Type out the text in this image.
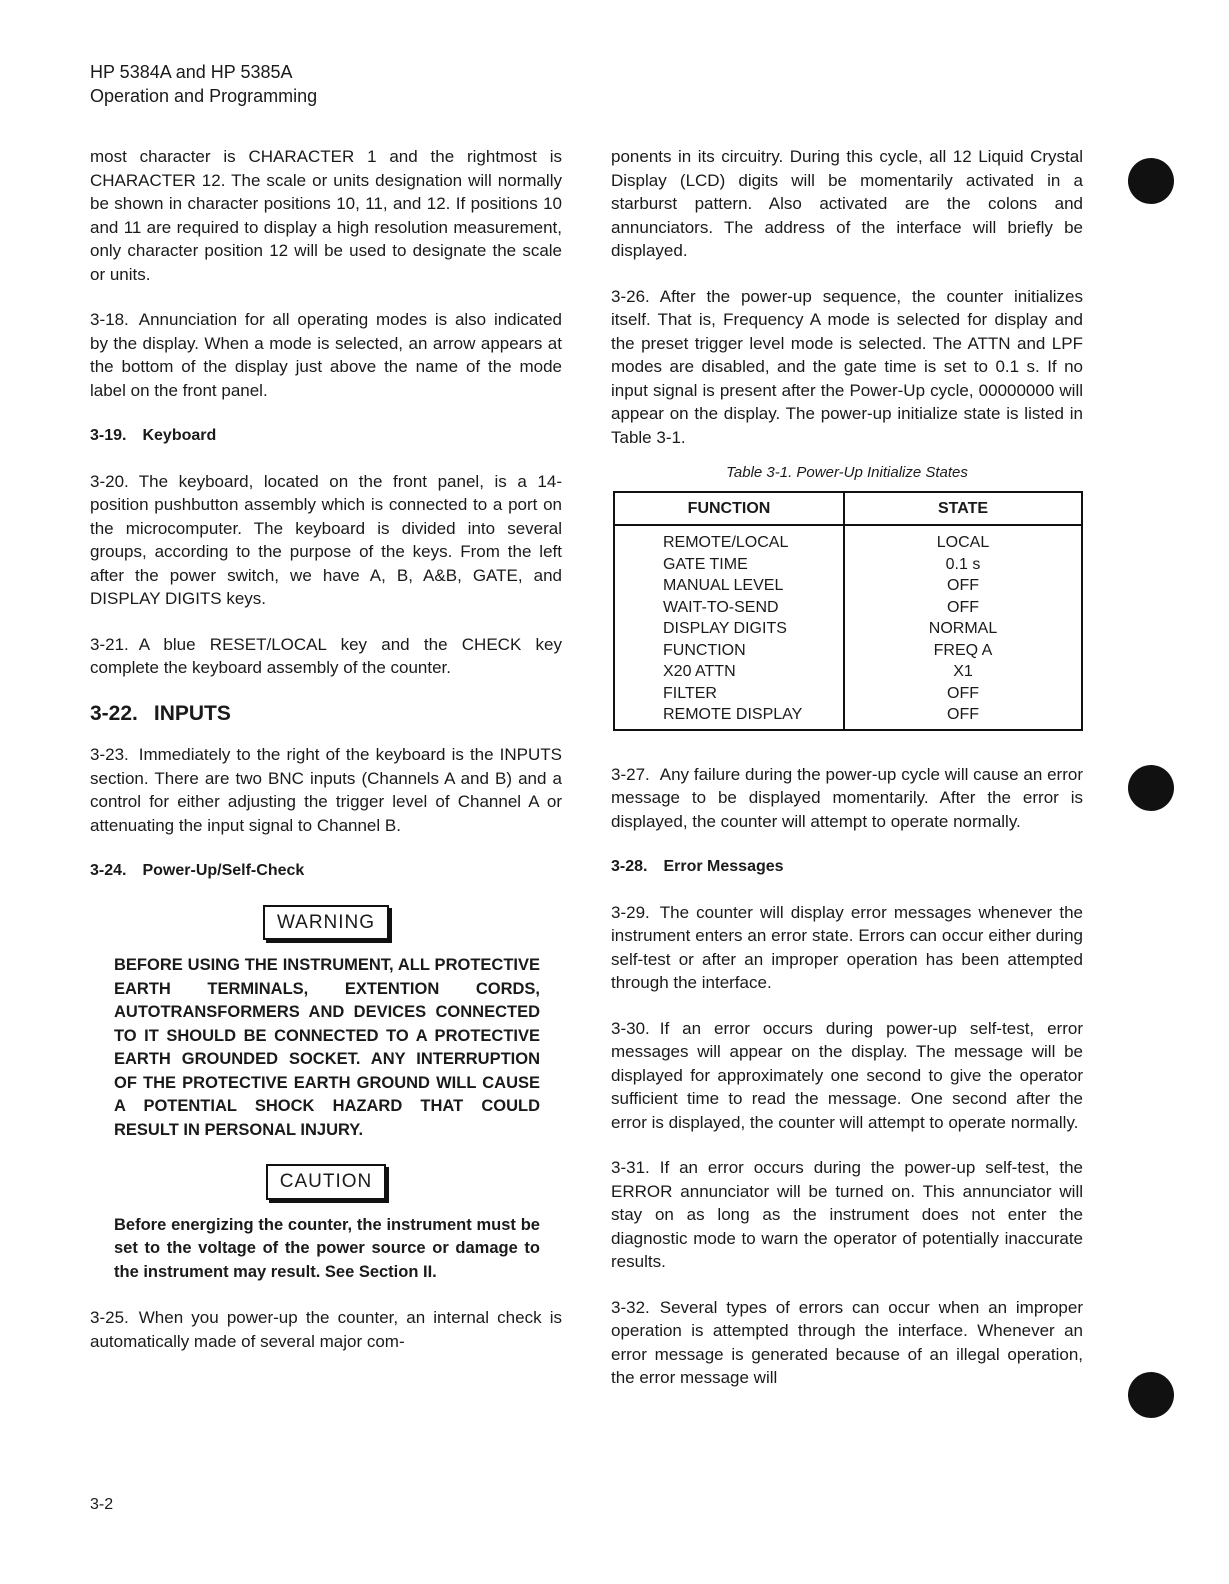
HP 5384A and HP 5385A
Operation and Programming

most character is CHARACTER 1 and the rightmost is CHARACTER 12. The scale or units designation will normally be shown in character positions 10, 11, and 12. If positions 10 and 11 are required to display a high resolution measurement, only character position 12 will be used to designate the scale or units.

3-18. Annunciation for all operating modes is also indicated by the display. When a mode is selected, an arrow appears at the bottom of the display just above the name of the mode label on the front panel.

3-19. Keyboard

3-20. The keyboard, located on the front panel, is a 14-position pushbutton assembly which is connected to a port on the microcomputer. The keyboard is divided into several groups, according to the purpose of the keys. From the left after the power switch, we have A, B, A&B, GATE, and DISPLAY DIGITS keys.

3-21. A blue RESET/LOCAL key and the CHECK key complete the keyboard assembly of the counter.

3-22. INPUTS

3-23. Immediately to the right of the keyboard is the INPUTS section. There are two BNC inputs (Channels A and B) and a control for either adjusting the trigger level of Channel A or attenuating the input signal to Channel B.

3-24. Power-Up/Self-Check
WARNING
BEFORE USING THE INSTRUMENT, ALL PROTECTIVE EARTH TERMINALS, EXTENTION CORDS, AUTOTRANSFORMERS AND DEVICES CONNECTED TO IT SHOULD BE CONNECTED TO A PROTECTIVE EARTH GROUNDED SOCKET. ANY INTERRUPTION OF THE PROTECTIVE EARTH GROUND WILL CAUSE A POTENTIAL SHOCK HAZARD THAT COULD RESULT IN PERSONAL INJURY.
CAUTION
Before energizing the counter, the instrument must be set to the voltage of the power source or damage to the instrument may result. See Section II.

3-25. When you power-up the counter, an internal check is automatically made of several major com-

ponents in its circuitry. During this cycle, all 12 Liquid Crystal Display (LCD) digits will be momentarily activated in a starburst pattern. Also activated are the colons and annunciators. The address of the interface will briefly be displayed.

3-26. After the power-up sequence, the counter initializes itself. That is, Frequency A mode is selected for display and the preset trigger level mode is selected. The ATTN and LPF modes are disabled, and the gate time is set to 0.1 s. If no input signal is present after the Power-Up cycle, 00000000 will appear on the display. The power-up initialize state is listed in Table 3-1.

Table 3-1. Power-Up Initialize States
FUNCTION	STATE
REMOTE/LOCAL	LOCAL
GATE TIME	0.1 s
MANUAL LEVEL	OFF
WAIT-TO-SEND	OFF
DISPLAY DIGITS	NORMAL
FUNCTION	FREQ A
X20 ATTN	X1
FILTER	OFF
REMOTE DISPLAY	OFF

3-27. Any failure during the power-up cycle will cause an error message to be displayed momentarily. After the error is displayed, the counter will attempt to operate normally.

3-28. Error Messages

3-29. The counter will display error messages whenever the instrument enters an error state. Errors can occur either during self-test or after an improper operation has been attempted through the interface.

3-30. If an error occurs during power-up self-test, error messages will appear on the display. The message will be displayed for approximately one second to give the operator sufficient time to read the message. One second after the error is displayed, the counter will attempt to operate normally.

3-31. If an error occurs during the power-up self-test, the ERROR annunciator will be turned on. This annunciator will stay on as long as the instrument does not enter the diagnostic mode to warn the operator of potentially inaccurate results.

3-32. Several types of errors can occur when an improper operation is attempted through the interface. Whenever an error message is generated because of an illegal operation, the error message will

3-2
